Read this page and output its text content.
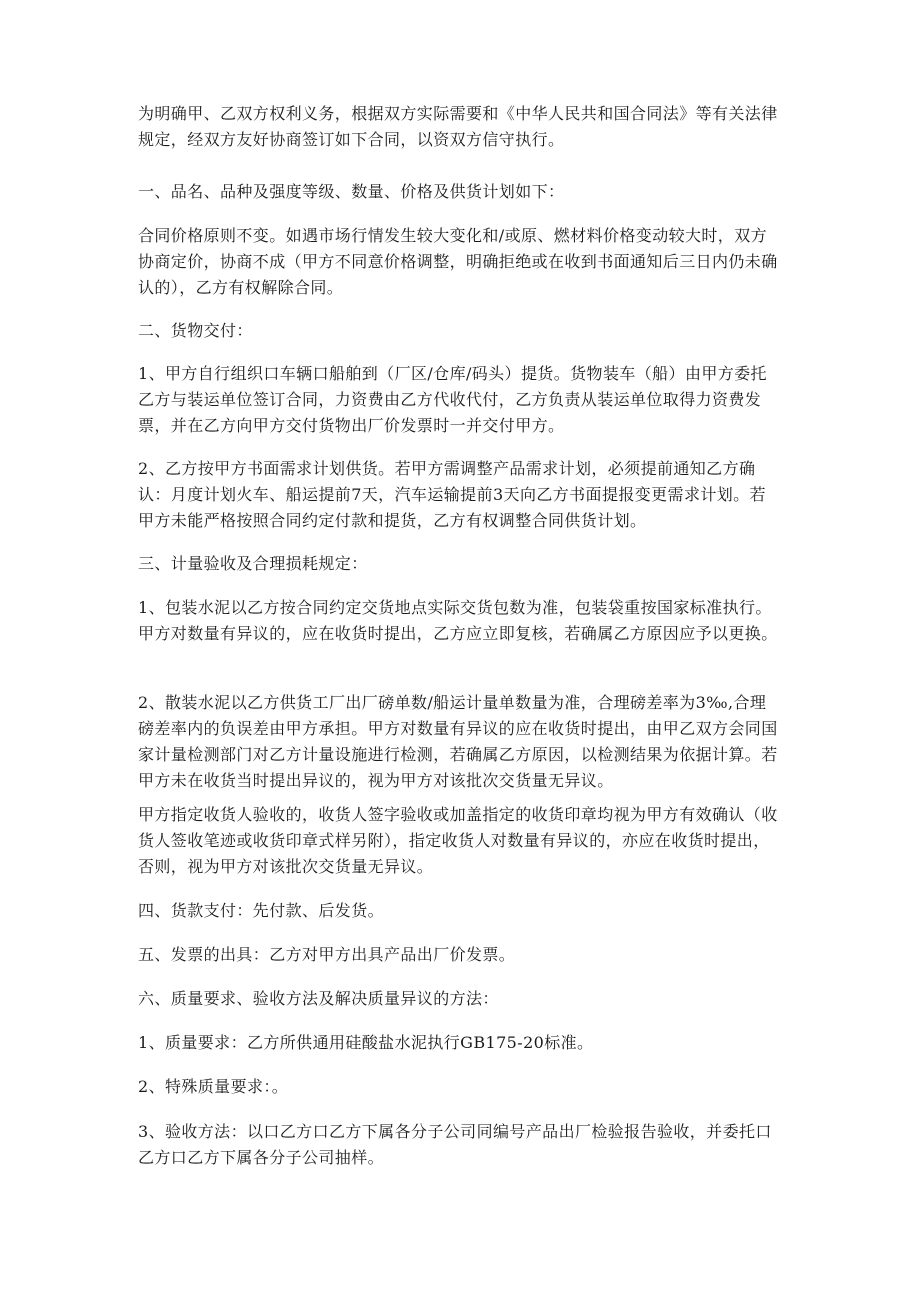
为明确甲、乙双方权利义务，根据双方实际需要和《中华人民共和国合同法》等有关法律规定，经双方友好协商签订如下合同，以资双方信守执行。

一、品名、品种及强度等级、数量、价格及供货计划如下：

合同价格原则不变。如遇市场行情发生较大变化和/或原、燃材料价格变动较大时，双方协商定价，协商不成（甲方不同意价格调整，明确拒绝或在收到书面通知后三日内仍未确认的），乙方有权解除合同。

二、货物交付：

1、甲方自行组织口车辆口船舶到（厂区/仓库/码头）提货。货物装车（船）由甲方委托乙方与装运单位签订合同，力资费由乙方代收代付，乙方负责从装运单位取得力资费发票，并在乙方向甲方交付货物出厂价发票时一并交付甲方。

2、乙方按甲方书面需求计划供货。若甲方需调整产品需求计划，必须提前通知乙方确认：月度计划火车、船运提前7天，汽车运输提前3天向乙方书面提报变更需求计划。若甲方未能严格按照合同约定付款和提货，乙方有权调整合同供货计划。

三、计量验收及合理损耗规定：

1、包装水泥以乙方按合同约定交货地点实际交货包数为准，包装袋重按国家标准执行。甲方对数量有异议的，应在收货时提出，乙方应立即复核，若确属乙方原因应予以更换。

2、散装水泥以乙方供货工厂出厂磅单数/船运计量单数量为准，合理磅差率为3‰,合理磅差率内的负误差由甲方承担。甲方对数量有异议的应在收货时提出，由甲乙双方会同国家计量检测部门对乙方计量设施进行检测，若确属乙方原因，以检测结果为依据计算。若甲方未在收货当时提出异议的，视为甲方对该批次交货量无异议。

甲方指定收货人验收的，收货人签字验收或加盖指定的收货印章均视为甲方有效确认（收货人签收笔迹或收货印章式样另附），指定收货人对数量有异议的，亦应在收货时提出，否则，视为甲方对该批次交货量无异议。

四、货款支付：先付款、后发货。

五、发票的出具：乙方对甲方出具产品出厂价发票。

六、质量要求、验收方法及解决质量异议的方法：

1、质量要求：乙方所供通用硅酸盐水泥执行GB175-20标准。

2、特殊质量要求：。

3、验收方法：以口乙方口乙方下属各分子公司同编号产品出厂检验报告验收，并委托口乙方口乙方下属各分子公司抽样。
